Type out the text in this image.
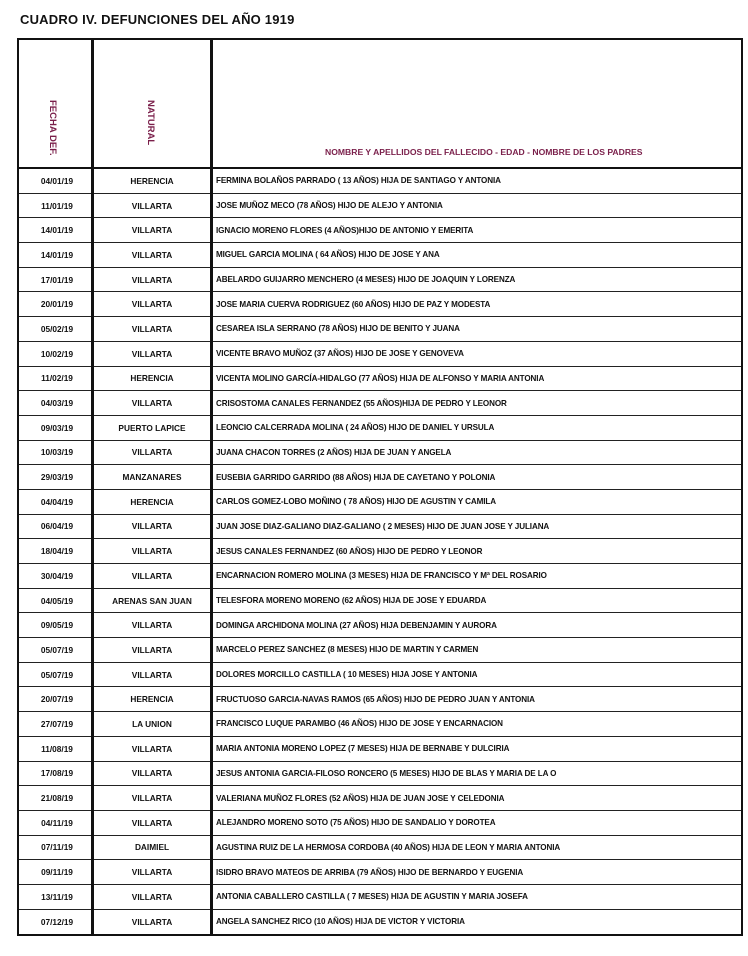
CUADRO IV. DEFUNCIONES DEL AÑO 1919
FECHA DEF.	NATURAL
NOMBRE Y APELLIDOS DEL FALLECIDO - EDAD - NOMBRE DE LOS PADRES
04/01/19	HERENCIA	FERMINA BOLAÑOS PARRADO ( 13 AÑOS) HIJA DE SANTIAGO Y ANTONIA
11/01/19	VILLARTA	JOSE MUÑOZ MECO (78 AÑOS) HIJO DE ALEJO Y ANTONIA
14/01/19	VILLARTA	IGNACIO MORENO FLORES (4 AÑOS)HIJO DE ANTONIO Y EMERITA
14/01/19	VILLARTA	MIGUEL GARCIA MOLINA ( 64 AÑOS) HIJO DE JOSE Y ANA
17/01/19	VILLARTA	ABELARDO GUIJARRO MENCHERO (4 MESES) HIJO DE JOAQUIN Y LORENZA
20/01/19	VILLARTA	JOSE MARIA CUERVA RODRIGUEZ (60 AÑOS) HIJO DE PAZ Y MODESTA
05/02/19	VILLARTA	CESAREA ISLA SERRANO (78 AÑOS) HIJO DE BENITO Y JUANA
10/02/19	VILLARTA	VICENTE BRAVO MUÑOZ (37 AÑOS) HIJO DE JOSE Y GENOVEVA
11/02/19	HERENCIA	VICENTA MOLINO GARCÍA-HIDALGO (77 AÑOS) HIJA DE ALFONSO Y MARIA ANTONIA
04/03/19	VILLARTA	CRISOSTOMA CANALES FERNANDEZ (55 AÑOS)HIJA DE PEDRO Y LEONOR
09/03/19	PUERTO LAPICE	LEONCIO CALCERRADA MOLINA ( 24 AÑOS) HIJO DE DANIEL Y URSULA
10/03/19	VILLARTA	JUANA CHACON TORRES (2 AÑOS) HIJA DE JUAN Y ANGELA
29/03/19	MANZANARES	EUSEBIA GARRIDO GARRIDO (88 AÑOS) HIJA DE CAYETANO Y POLONIA
04/04/19	HERENCIA	CARLOS GOMEZ-LOBO MOÑINO ( 78 AÑOS) HIJO DE AGUSTIN Y CAMILA
06/04/19	VILLARTA	JUAN JOSE DIAZ-GALIANO DIAZ-GALIANO ( 2 MESES) HIJO DE JUAN JOSE Y JULIANA
18/04/19	VILLARTA	JESUS CANALES FERNANDEZ (60 AÑOS) HIJO DE PEDRO Y LEONOR
30/04/19	VILLARTA	ENCARNACION ROMERO MOLINA (3 MESES) HIJA DE FRANCISCO Y Mª DEL ROSARIO
04/05/19	ARENAS SAN JUAN	TELESFORA MORENO MORENO (62 AÑOS) HIJA DE JOSE Y EDUARDA
09/05/19	VILLARTA	DOMINGA ARCHIDONA MOLINA (27 AÑOS) HIJA DEBENJAMIN Y AURORA
05/07/19	VILLARTA	MARCELO PEREZ SANCHEZ (8 MESES) HIJO DE MARTIN Y CARMEN
05/07/19	VILLARTA	DOLORES MORCILLO CASTILLA ( 10 MESES) HIJA JOSE Y ANTONIA
20/07/19	HERENCIA	FRUCTUOSO GARCIA-NAVAS RAMOS (65 AÑOS) HIJO DE PEDRO JUAN Y ANTONIA
27/07/19	LA UNION	FRANCISCO LUQUE PARAMBO (46 AÑOS) HIJO DE JOSE Y ENCARNACION
11/08/19	VILLARTA	MARIA ANTONIA MORENO LOPEZ (7 MESES) HIJA DE BERNABE Y DULCIRIA
17/08/19	VILLARTA	JESUS ANTONIA GARCIA-FILOSO RONCERO (5 MESES) HIJO DE BLAS Y MARIA DE LA O
21/08/19	VILLARTA	VALERIANA MUÑOZ FLORES (52 AÑOS) HIJA DE JUAN JOSE Y CELEDONIA
04/11/19	VILLARTA	ALEJANDRO MORENO SOTO (75 AÑOS) HIJO DE SANDALIO Y DOROTEA
07/11/19	DAIMIEL	AGUSTINA RUIZ DE LA HERMOSA CORDOBA (40 AÑOS) HIJA DE LEON Y MARIA ANTONIA
09/11/19	VILLARTA	ISIDRO BRAVO MATEOS DE ARRIBA (79 AÑOS) HIJO DE BERNARDO Y EUGENIA
13/11/19	VILLARTA	ANTONIA CABALLERO CASTILLA ( 7 MESES) HIJA DE AGUSTIN Y MARIA JOSEFA
07/12/19	VILLARTA	ANGELA SANCHEZ RICO (10 AÑOS) HIJA DE VICTOR Y VICTORIA
